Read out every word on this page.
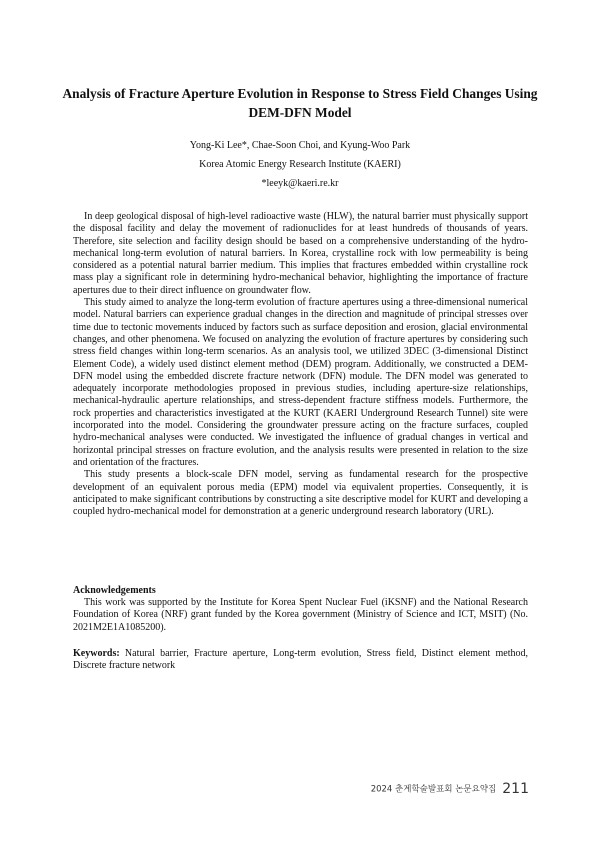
Analysis of Fracture Aperture Evolution in Response to Stress Field Changes Using DEM-DFN Model
Yong-Ki Lee*, Chae-Soon Choi, and Kyung-Woo Park
Korea Atomic Energy Research Institute (KAERI)
*leeyk@kaeri.re.kr

In deep geological disposal of high-level radioactive waste (HLW), the natural barrier must physically support the disposal facility and delay the movement of radionuclides for at least hundreds of thousands of years. Therefore, site selection and facility design should be based on a comprehensive understanding of the hydro-mechanical long-term evolution of natural barriers. In Korea, crystalline rock with low permeability is being considered as a potential natural barrier medium. This implies that fractures embedded within crystalline rock mass play a significant role in determining hydro-mechanical behavior, highlighting the importance of fracture apertures due to their direct influence on groundwater flow.

This study aimed to analyze the long-term evolution of fracture apertures using a three-dimensional numerical model. Natural barriers can experience gradual changes in the direction and magnitude of principal stresses over time due to tectonic movements induced by factors such as surface deposition and erosion, glacial environmental changes, and other phenomena. We focused on analyzing the evolution of fracture apertures by considering such stress field changes within long-term scenarios. As an analysis tool, we utilized 3DEC (3-dimensional Distinct Element Code), a widely used distinct element method (DEM) program. Additionally, we constructed a DEM-DFN model using the embedded discrete fracture network (DFN) module. The DFN model was generated to adequately incorporate methodologies proposed in previous studies, including aperture-size relationships, mechanical-hydraulic aperture relationships, and stress-dependent fracture stiffness models. Furthermore, the rock properties and characteristics investigated at the KURT (KAERI Underground Research Tunnel) site were incorporated into the model. Considering the groundwater pressure acting on the fracture surfaces, coupled hydro-mechanical analyses were conducted. We investigated the influence of gradual changes in vertical and horizontal principal stresses on fracture evolution, and the analysis results were presented in relation to the size and orientation of the fractures.

This study presents a block-scale DFN model, serving as fundamental research for the prospective development of an equivalent porous media (EPM) model via equivalent properties. Consequently, it is anticipated to make significant contributions by constructing a site descriptive model for KURT and developing a coupled hydro-mechanical model for demonstration at a generic underground research laboratory (URL).

Acknowledgements

This work was supported by the Institute for Korea Spent Nuclear Fuel (iKSNF) and the National Research Foundation of Korea (NRF) grant funded by the Korea government (Ministry of Science and ICT, MSIT) (No. 2021M2E1A1085200).

Keywords: Natural barrier, Fracture aperture, Long-term evolution, Stress field, Distinct element method, Discrete fracture network

2024 춘계학술발표회 논문요약집 211
